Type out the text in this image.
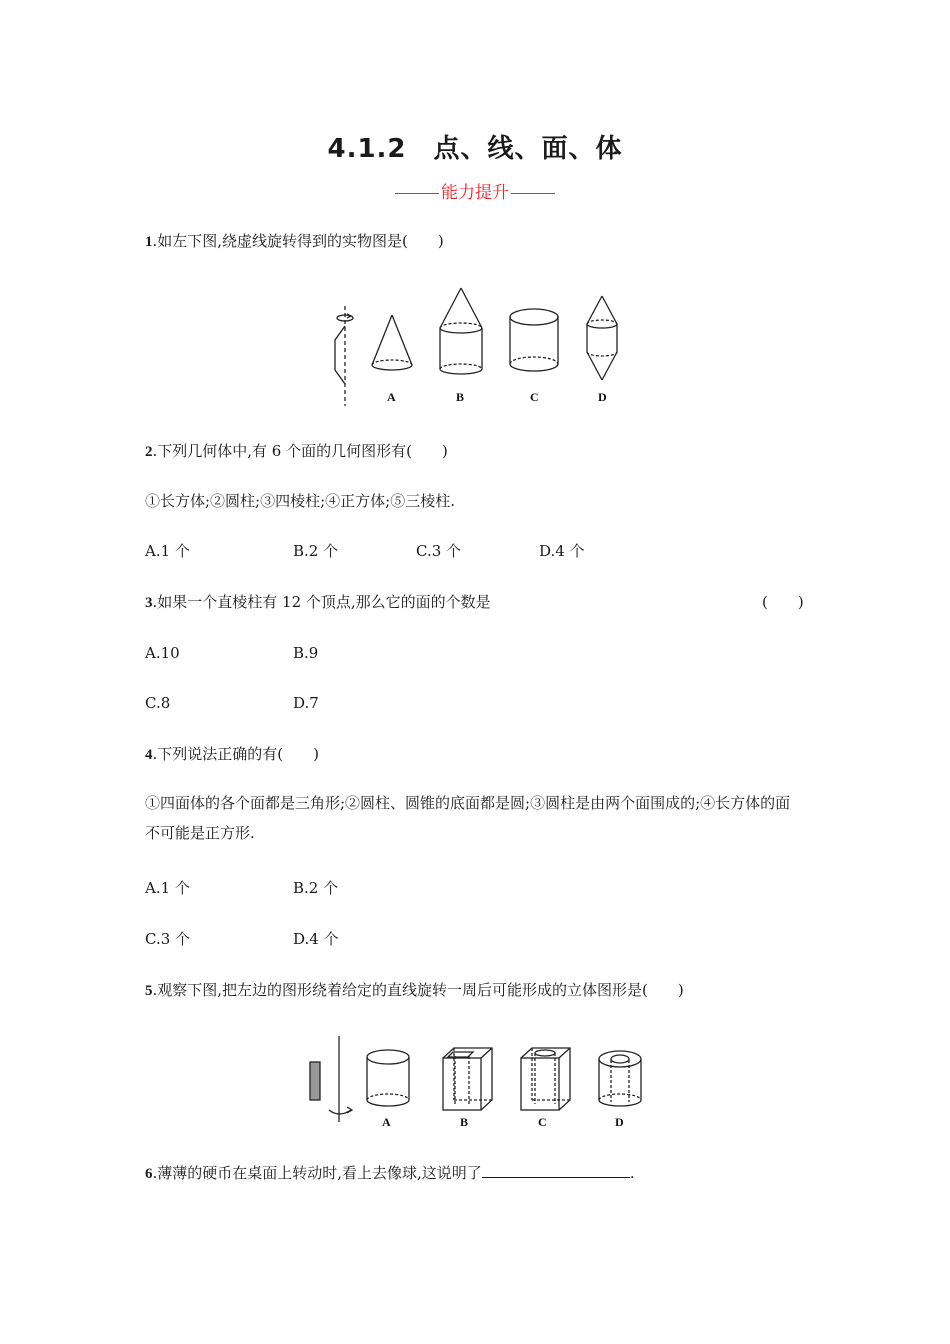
4.1.2　点、线、面、体
能力提升
1.如左下图,绕虚线旋转得到的实物图是(　　)
A	B	C	D
2.下列几何体中,有 6 个面的几何图形有(　　)
①长方体;②圆柱;③四棱柱;④正方体;⑤三棱柱.
A.1 个	B.2 个	C.3 个	D.4 个
3.如果一个直棱柱有 12 个顶点,那么它的面的个数是	(　　)
A.10	B.9
C.8	D.7
4.下列说法正确的有(　　)
①四面体的各个面都是三角形;②圆柱、圆锥的底面都是圆;③圆柱是由两个面围成的;④长方体的面不可能是正方形.
A.1 个	B.2 个
C.3 个	D.4 个
5.观察下图,把左边的图形绕着给定的直线旋转一周后可能形成的立体图形是(　　)
A	B	C	D
6.薄薄的硬币在桌面上转动时,看上去像球,这说明了	.
